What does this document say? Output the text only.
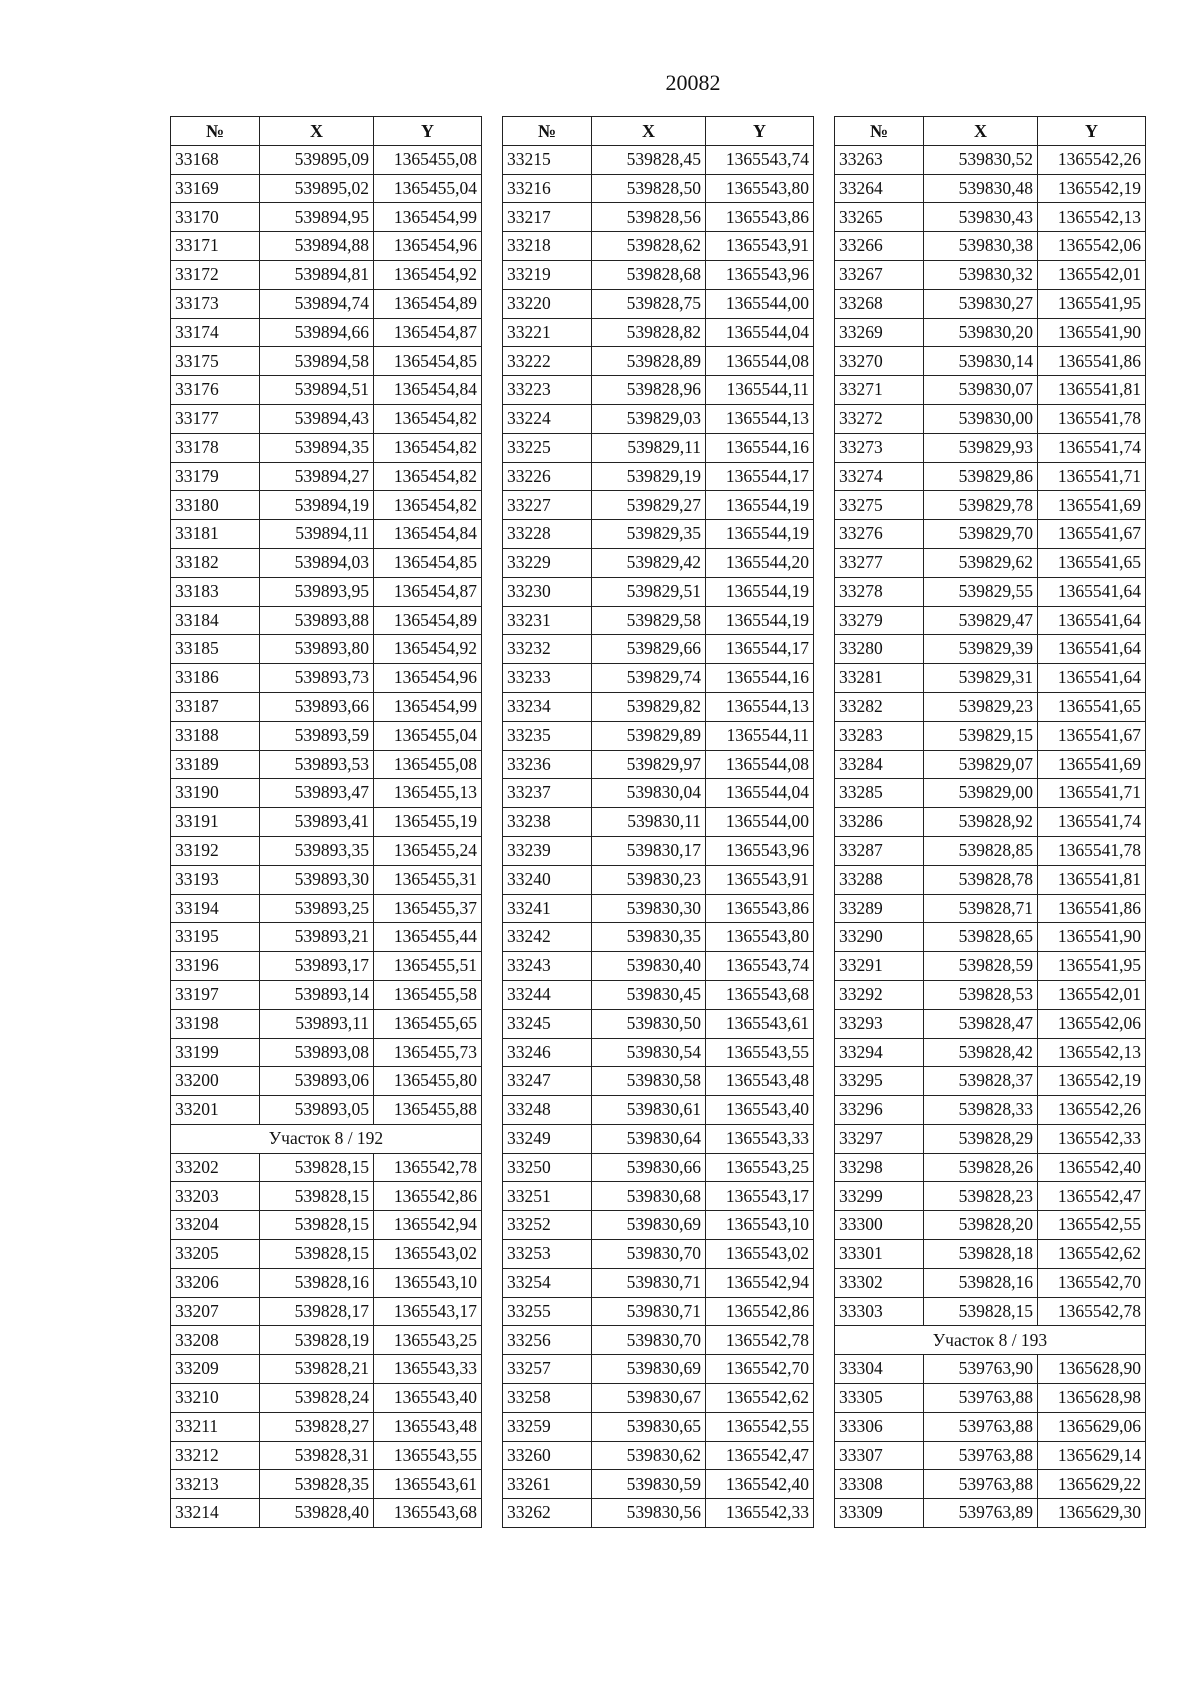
20082
№	X	Y
33168	539895,09	1365455,08
33169	539895,02	1365455,04
33170	539894,95	1365454,99
33171	539894,88	1365454,96
33172	539894,81	1365454,92
33173	539894,74	1365454,89
33174	539894,66	1365454,87
33175	539894,58	1365454,85
33176	539894,51	1365454,84
33177	539894,43	1365454,82
33178	539894,35	1365454,82
33179	539894,27	1365454,82
33180	539894,19	1365454,82
33181	539894,11	1365454,84
33182	539894,03	1365454,85
33183	539893,95	1365454,87
33184	539893,88	1365454,89
33185	539893,80	1365454,92
33186	539893,73	1365454,96
33187	539893,66	1365454,99
33188	539893,59	1365455,04
33189	539893,53	1365455,08
33190	539893,47	1365455,13
33191	539893,41	1365455,19
33192	539893,35	1365455,24
33193	539893,30	1365455,31
33194	539893,25	1365455,37
33195	539893,21	1365455,44
33196	539893,17	1365455,51
33197	539893,14	1365455,58
33198	539893,11	1365455,65
33199	539893,08	1365455,73
33200	539893,06	1365455,80
33201	539893,05	1365455,88
Участок 8 / 192		
33202	539828,15	1365542,78
33203	539828,15	1365542,86
33204	539828,15	1365542,94
33205	539828,15	1365543,02
33206	539828,16	1365543,10
33207	539828,17	1365543,17
33208	539828,19	1365543,25
33209	539828,21	1365543,33
33210	539828,24	1365543,40
33211	539828,27	1365543,48
33212	539828,31	1365543,55
33213	539828,35	1365543,61
33214	539828,40	1365543,68
№	X	Y
33215	539828,45	1365543,74
33216	539828,50	1365543,80
33217	539828,56	1365543,86
33218	539828,62	1365543,91
33219	539828,68	1365543,96
33220	539828,75	1365544,00
33221	539828,82	1365544,04
33222	539828,89	1365544,08
33223	539828,96	1365544,11
33224	539829,03	1365544,13
33225	539829,11	1365544,16
33226	539829,19	1365544,17
33227	539829,27	1365544,19
33228	539829,35	1365544,19
33229	539829,42	1365544,20
33230	539829,51	1365544,19
33231	539829,58	1365544,19
33232	539829,66	1365544,17
33233	539829,74	1365544,16
33234	539829,82	1365544,13
33235	539829,89	1365544,11
33236	539829,97	1365544,08
33237	539830,04	1365544,04
33238	539830,11	1365544,00
33239	539830,17	1365543,96
33240	539830,23	1365543,91
33241	539830,30	1365543,86
33242	539830,35	1365543,80
33243	539830,40	1365543,74
33244	539830,45	1365543,68
33245	539830,50	1365543,61
33246	539830,54	1365543,55
33247	539830,58	1365543,48
33248	539830,61	1365543,40
33249	539830,64	1365543,33
33250	539830,66	1365543,25
33251	539830,68	1365543,17
33252	539830,69	1365543,10
33253	539830,70	1365543,02
33254	539830,71	1365542,94
33255	539830,71	1365542,86
33256	539830,70	1365542,78
33257	539830,69	1365542,70
33258	539830,67	1365542,62
33259	539830,65	1365542,55
33260	539830,62	1365542,47
33261	539830,59	1365542,40
33262	539830,56	1365542,33
№	X	Y
33263	539830,52	1365542,26
33264	539830,48	1365542,19
33265	539830,43	1365542,13
33266	539830,38	1365542,06
33267	539830,32	1365542,01
33268	539830,27	1365541,95
33269	539830,20	1365541,90
33270	539830,14	1365541,86
33271	539830,07	1365541,81
33272	539830,00	1365541,78
33273	539829,93	1365541,74
33274	539829,86	1365541,71
33275	539829,78	1365541,69
33276	539829,70	1365541,67
33277	539829,62	1365541,65
33278	539829,55	1365541,64
33279	539829,47	1365541,64
33280	539829,39	1365541,64
33281	539829,31	1365541,64
33282	539829,23	1365541,65
33283	539829,15	1365541,67
33284	539829,07	1365541,69
33285	539829,00	1365541,71
33286	539828,92	1365541,74
33287	539828,85	1365541,78
33288	539828,78	1365541,81
33289	539828,71	1365541,86
33290	539828,65	1365541,90
33291	539828,59	1365541,95
33292	539828,53	1365542,01
33293	539828,47	1365542,06
33294	539828,42	1365542,13
33295	539828,37	1365542,19
33296	539828,33	1365542,26
33297	539828,29	1365542,33
33298	539828,26	1365542,40
33299	539828,23	1365542,47
33300	539828,20	1365542,55
33301	539828,18	1365542,62
33302	539828,16	1365542,70
33303	539828,15	1365542,78
Участок 8 / 193		
33304	539763,90	1365628,90
33305	539763,88	1365628,98
33306	539763,88	1365629,06
33307	539763,88	1365629,14
33308	539763,88	1365629,22
33309	539763,89	1365629,30
